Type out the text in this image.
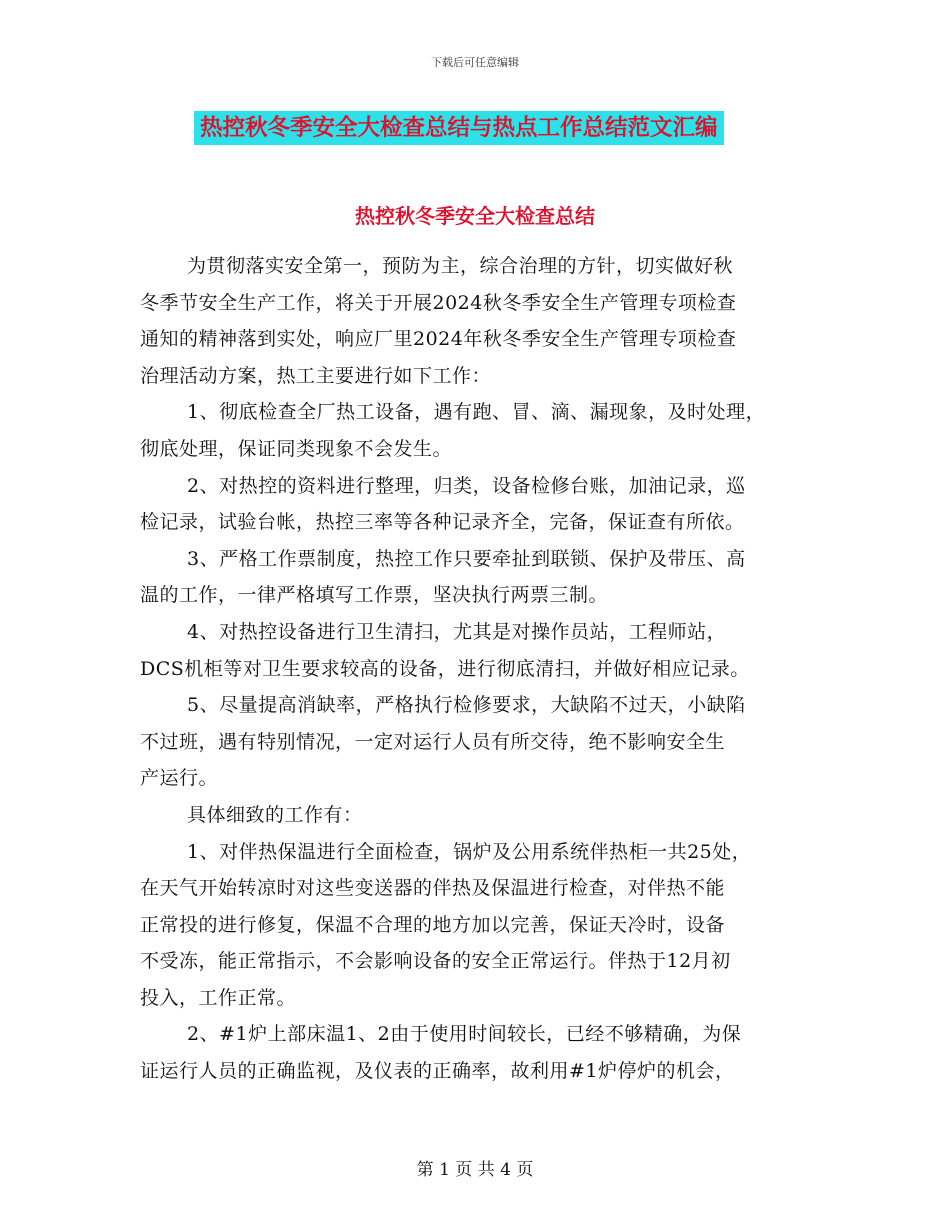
下载后可任意编辑
热控秋冬季安全大检查总结与热点工作总结范文汇编
热控秋冬季安全大检查总结
为贯彻落实安全第一，预防为主，综合治理的方针，切实做好秋
冬季节安全生产工作，将关于开展2024秋冬季安全生产管理专项检查
通知的精神落到实处，响应厂里2024年秋冬季安全生产管理专项检查
治理活动方案，热工主要进行如下工作：
1、彻底检查全厂热工设备，遇有跑、冒、滴、漏现象，及时处理，
彻底处理，保证同类现象不会发生。
2、对热控的资料进行整理，归类，设备检修台账，加油记录，巡
检记录，试验台帐，热控三率等各种记录齐全，完备，保证查有所依。
3、严格工作票制度，热控工作只要牵扯到联锁、保护及带压、高
温的工作，一律严格填写工作票，坚决执行两票三制。
4、对热控设备进行卫生清扫，尤其是对操作员站，工程师站，
DCS机柜等对卫生要求较高的设备，进行彻底清扫，并做好相应记录。
5、尽量提高消缺率，严格执行检修要求，大缺陷不过天，小缺陷
不过班，遇有特别情况，一定对运行人员有所交待，绝不影响安全生
产运行。
具体细致的工作有：
1、对伴热保温进行全面检查，锅炉及公用系统伴热柜一共25处，
在天气开始转凉时对这些变送器的伴热及保温进行检查，对伴热不能
正常投的进行修复，保温不合理的地方加以完善，保证天冷时，设备
不受冻，能正常指示，不会影响设备的安全正常运行。伴热于12月初
投入，工作正常。
2、#1炉上部床温1、2由于使用时间较长，已经不够精确，为保
证运行人员的正确监视，及仪表的正确率，故利用#1炉停炉的机会，
第 1 页 共 4 页
